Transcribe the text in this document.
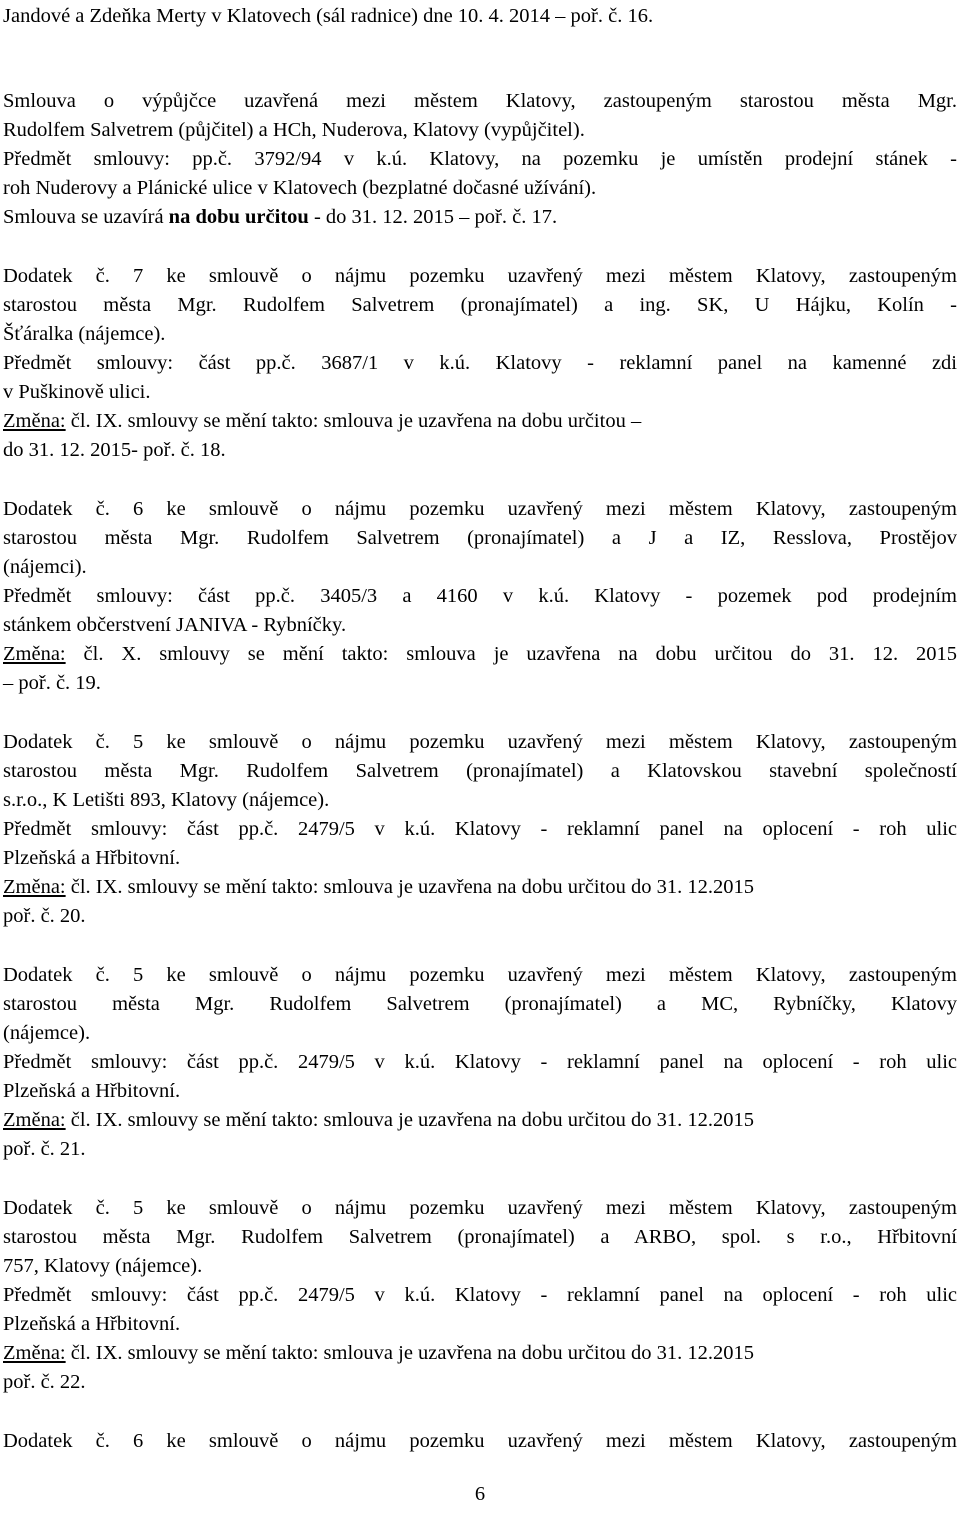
Jandové a Zdeňka Merty v Klatovech (sál radnice) dne 10. 4. 2014 – poř. č. 16.
Smlouva o výpůjčce uzavřená mezi městem Klatovy, zastoupeným starostou města Mgr.
Rudolfem Salvetrem (půjčitel) a HCh, Nuderova, Klatovy (vypůjčitel).
Předmět smlouvy: pp.č. 3792/94 v k.ú. Klatovy, na pozemku je umístěn prodejní stánek -
roh Nuderovy a Plánické ulice v Klatovech (bezplatné dočasné užívání).
Smlouva se uzavírá na dobu určitou - do 31. 12. 2015 – poř. č. 17.
Dodatek č. 7 ke smlouvě o nájmu pozemku uzavřený mezi městem Klatovy, zastoupeným
starostou města Mgr. Rudolfem Salvetrem (pronajímatel) a ing. SK, U Hájku, Kolín -
Šťáralka (nájemce).
Předmět smlouvy: část pp.č. 3687/1 v k.ú. Klatovy - reklamní panel na kamenné zdi
v Puškinově ulici.
Změna: čl. IX. smlouvy se mění takto: smlouva je uzavřena na dobu určitou –
do 31. 12. 2015- poř. č. 18.
Dodatek č. 6 ke smlouvě o nájmu pozemku uzavřený mezi městem Klatovy, zastoupeným
starostou města Mgr. Rudolfem Salvetrem (pronajímatel) a J a IZ, Resslova, Prostějov
(nájemci).
Předmět smlouvy: část pp.č. 3405/3 a 4160 v k.ú. Klatovy - pozemek pod prodejním
stánkem občerstvení JANIVA - Rybníčky.
Změna: čl. X. smlouvy se mění takto: smlouva je uzavřena na dobu určitou do 31. 12. 2015
– poř. č. 19.
Dodatek č. 5 ke smlouvě o nájmu pozemku uzavřený mezi městem Klatovy, zastoupeným
starostou města Mgr. Rudolfem Salvetrem (pronajímatel) a Klatovskou stavební společností
s.r.o., K Letišti 893, Klatovy (nájemce).
Předmět smlouvy: část pp.č. 2479/5 v k.ú. Klatovy - reklamní panel na oplocení - roh ulic
Plzeňská a Hřbitovní.
Změna: čl. IX. smlouvy se mění takto: smlouva je uzavřena na dobu určitou do 31. 12.2015
poř. č. 20.
Dodatek č. 5 ke smlouvě o nájmu pozemku uzavřený mezi městem Klatovy, zastoupeným
starostou města Mgr. Rudolfem Salvetrem (pronajímatel) a MC, Rybníčky, Klatovy
(nájemce).
Předmět smlouvy: část pp.č. 2479/5 v k.ú. Klatovy - reklamní panel na oplocení - roh ulic
Plzeňská a Hřbitovní.
Změna: čl. IX. smlouvy se mění takto: smlouva je uzavřena na dobu určitou do 31. 12.2015
poř. č. 21.
Dodatek č. 5 ke smlouvě o nájmu pozemku uzavřený mezi městem Klatovy, zastoupeným
starostou města Mgr. Rudolfem Salvetrem (pronajímatel) a ARBO, spol. s r.o., Hřbitovní
757, Klatovy (nájemce).
Předmět smlouvy: část pp.č. 2479/5 v k.ú. Klatovy - reklamní panel na oplocení - roh ulic
Plzeňská a Hřbitovní.
Změna: čl. IX. smlouvy se mění takto: smlouva je uzavřena na dobu určitou do 31. 12.2015
poř. č. 22.
Dodatek č. 6 ke smlouvě o nájmu pozemku uzavřený mezi městem Klatovy, zastoupeným
6
